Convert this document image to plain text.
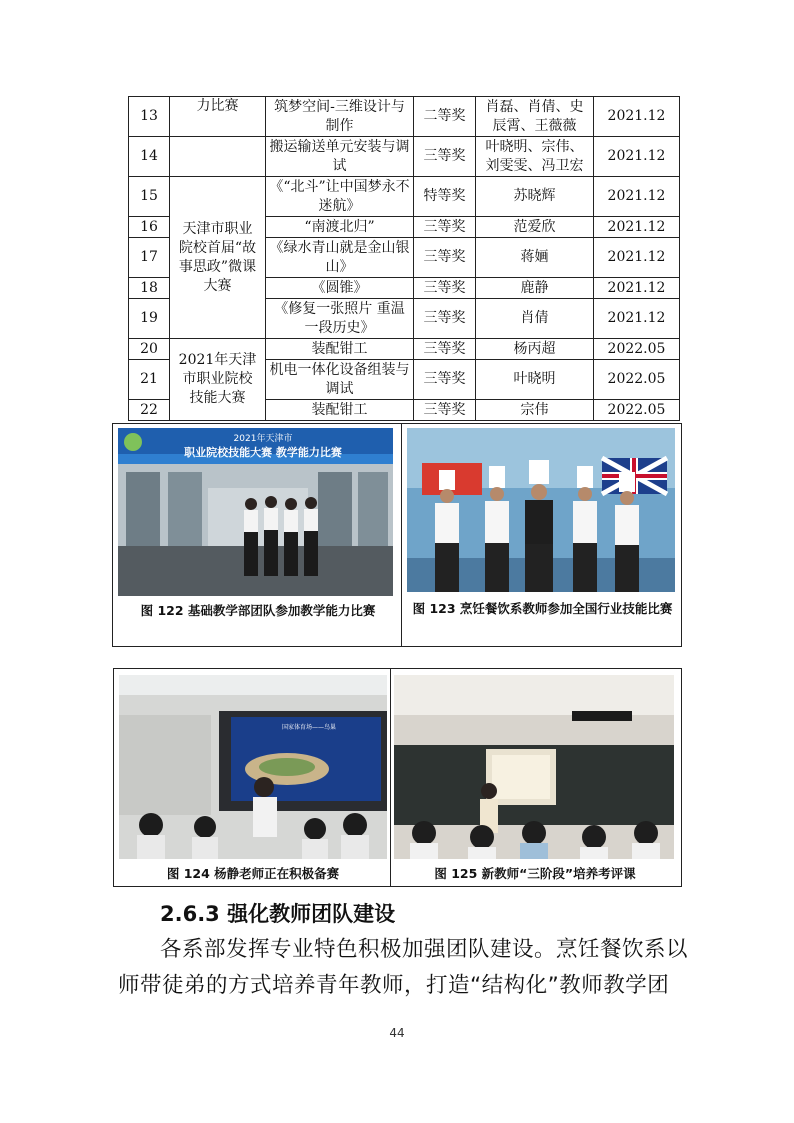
13	力比赛	筑梦空间-三维设计与制作	二等奖	肖磊、肖倩、史辰霄、王薇薇	2021.12
14		搬运输送单元安装与调试	三等奖	叶晓明、宗伟、刘雯雯、冯卫宏	2021.12
15	天津市职业院校首届“故事思政”微课大赛	《“北斗”让中国梦永不迷航》	特等奖	苏晓辉	2021.12
16		“南渡北归”	三等奖	范爱欣	2021.12
17		《绿水青山就是金山银山》	三等奖	蒋婳	2021.12
18		《圆锥》	三等奖	鹿静	2021.12
19		《修复一张照片 重温一段历史》	三等奖	肖倩	2021.12
20	2021年天津市职业院校技能大赛	装配钳工	三等奖	杨丙超	2022.05
21		机电一体化设备组装与调试	三等奖	叶晓明	2022.05
22		装配钳工	三等奖	宗伟	2022.05
2021年天津市
职业院校技能大赛 教学能力比赛
图 122 基础教学部团队参加教学能力比赛	图 123 烹饪餐饮系教师参加全国行业技能比赛
国家体育场——鸟巢
图 124 杨静老师正在积极备赛	图 125 新教师“三阶段”培养考评课
2.6.3 强化教师团队建设
各系部发挥专业特色积极加强团队建设。烹饪餐饮系以
师带徒弟的方式培养青年教师，打造“结构化”教师教学团
44
